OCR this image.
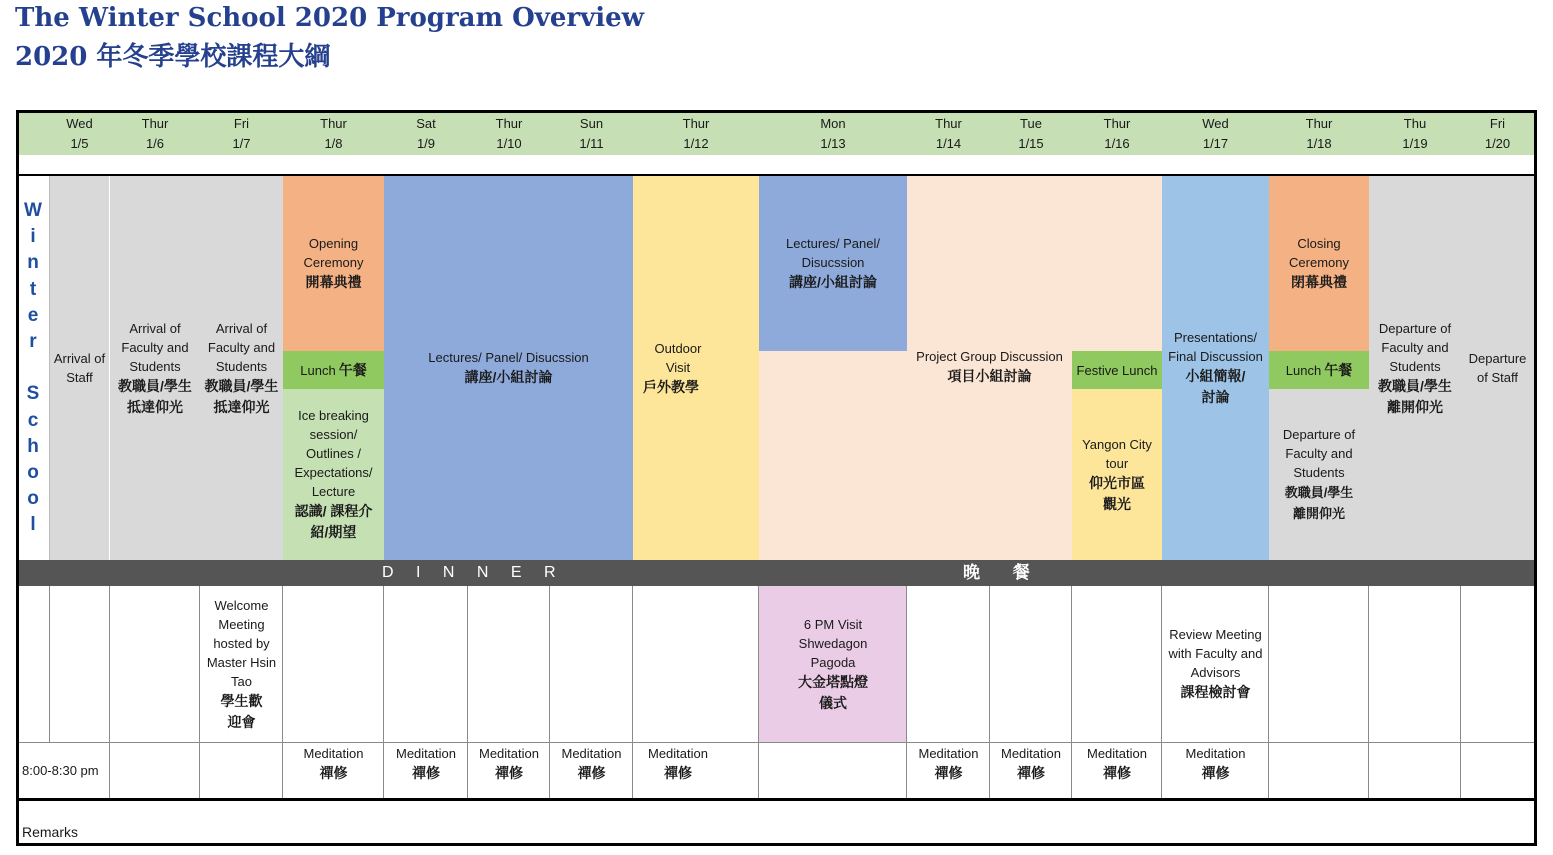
The Winter School 2020 Program Overview
2020 年冬季學校課程大綱
Wed
1/5
Thur
1/6
Fri
1/7
Thur
1/8
Sat
1/9
Thur
1/10
Sun
1/11
Thur
1/12
Mon
1/13
Thur
1/14
Tue
1/15
Thur
1/16
Wed
1/17
Thur
1/18
Thu
1/19
Fri
1/20
Arrival of Staff
Arrival of Faculty and Students
教職員/學生抵達仰光
Arrival of Faculty and Students
教職員/學生抵達仰光
Opening Ceremony
開幕典禮
Lunch 午餐
Ice breaking session/ Outlines / Expectations/ Lecture
認識/ 課程介紹/期望
Lectures/ Panel/ Disucssion
講座/小組討論
Outdoor Visit
戶外教學
Lectures/ Panel/ Disucssion
講座/小組討論
Project Group Discussion
項目小組討論	Festive Lunch
Yangon City tour
仰光市區觀光
Presentations/ Final Discussion
小組簡報/討論
Closing Ceremony
閉幕典禮
Lunch 午餐
Departure of Faculty and Students
教職員/學生離開仰光
Departure of Faculty and Students
教職員/學生離開仰光
Departure of Staff
W
i
n
t
e
r

S
c
h
o
o
l
D I N N E R	晚 餐
Welcome Meeting hosted by Master Hsin Tao
學生歡迎會
6 PM Visit Shwedagon Pagoda
大金塔點燈儀式
Review Meeting with Faculty and Advisors
課程檢討會
8:00-8:30 pm
Meditation
禪修
Meditation
禪修
Meditation
禪修
Meditation
禪修
Meditation
禪修
Meditation
禪修
Meditation
禪修
Meditation
禪修
Meditation
禪修
Remarks
